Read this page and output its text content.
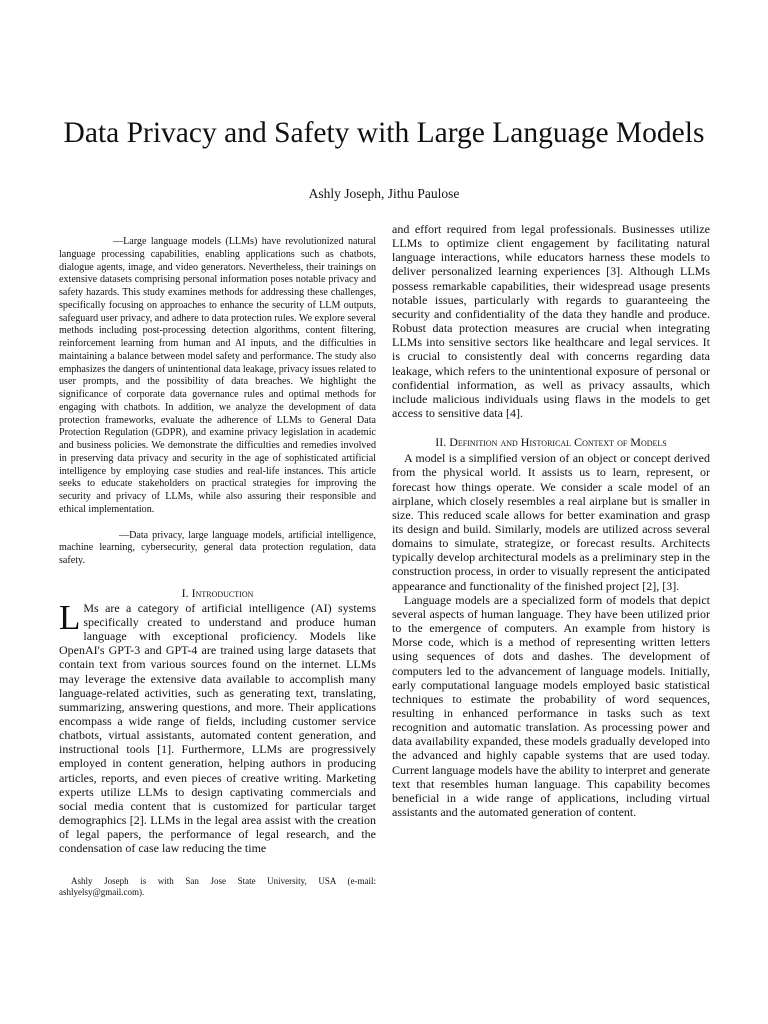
Data Privacy and Safety with Large Language Models

Ashly Joseph, Jithu Paulose

—Large language models (LLMs) have revolutionized natural language processing capabilities, enabling applications such as chatbots, dialogue agents, image, and video generators. Nevertheless, their trainings on extensive datasets comprising personal information poses notable privacy and safety hazards. This study examines methods for addressing these challenges, specifically focusing on approaches to enhance the security of LLM outputs, safeguard user privacy, and adhere to data protection rules. We explore several methods including post-processing detection algorithms, content filtering, reinforcement learning from human and AI inputs, and the difficulties in maintaining a balance between model safety and performance. The study also emphasizes the dangers of unintentional data leakage, privacy issues related to user prompts, and the possibility of data breaches. We highlight the significance of corporate data governance rules and optimal methods for engaging with chatbots. In addition, we analyze the development of data protection frameworks, evaluate the adherence of LLMs to General Data Protection Regulation (GDPR), and examine privacy legislation in academic and business policies. We demonstrate the difficulties and remedies involved in preserving data privacy and security in the age of sophisticated artificial intelligence by employing case studies and real-life instances. This article seeks to educate stakeholders on practical strategies for improving the security and privacy of LLMs, while also assuring their responsible and ethical implementation.

—Data privacy, large language models, artificial intelligence, machine learning, cybersecurity, general data protection regulation, data safety.

I. Introduction

L Ms are a category of artificial intelligence (AI) systems specifically created to understand and produce human language with exceptional proficiency. Models like OpenAI's GPT-3 and GPT-4 are trained using large datasets that contain text from various sources found on the internet. LLMs may leverage the extensive data available to accomplish many language-related activities, such as generating text, translating, summarizing, answering questions, and more. Their applications encompass a wide range of fields, including customer service chatbots, virtual assistants, automated content generation, and instructional tools [1]. Furthermore, LLMs are progressively employed in content generation, helping authors in producing articles, reports, and even pieces of creative writing. Marketing experts utilize LLMs to design captivating commercials and social media content that is customized for particular target demographics [2]. LLMs in the legal area assist with the creation of legal papers, the performance of legal research, and the condensation of case law reducing the time

Ashly Joseph is with San Jose State University, USA (e-mail: ashlyelsy@gmail.com).

and effort required from legal professionals. Businesses utilize LLMs to optimize client engagement by facilitating natural language interactions, while educators harness these models to deliver personalized learning experiences [3]. Although LLMs possess remarkable capabilities, their widespread usage presents notable issues, particularly with regards to guaranteeing the security and confidentiality of the data they handle and produce. Robust data protection measures are crucial when integrating LLMs into sensitive sectors like healthcare and legal services. It is crucial to consistently deal with concerns regarding data leakage, which refers to the unintentional exposure of personal or confidential information, as well as privacy assaults, which include malicious individuals using flaws in the models to get access to sensitive data [4].

II. Definition and Historical Context of Models

A model is a simplified version of an object or concept derived from the physical world. It assists us to learn, represent, or forecast how things operate. We consider a scale model of an airplane, which closely resembles a real airplane but is smaller in size. This reduced scale allows for better examination and grasp its design and build. Similarly, models are utilized across several domains to simulate, strategize, or forecast results. Architects typically develop architectural models as a preliminary step in the construction process, in order to visually represent the anticipated appearance and functionality of the finished project [2], [3].

Language models are a specialized form of models that depict several aspects of human language. They have been utilized prior to the emergence of computers. An example from history is Morse code, which is a method of representing written letters using sequences of dots and dashes. The development of computers led to the advancement of language models. Initially, early computational language models employed basic statistical techniques to estimate the probability of word sequences, resulting in enhanced performance in tasks such as text recognition and automatic translation. As processing power and data availability expanded, these models gradually developed into the advanced and highly capable systems that are used today. Current language models have the ability to interpret and generate text that resembles human language. This capability becomes beneficial in a wide range of applications, including virtual assistants and the automated generation of content.
